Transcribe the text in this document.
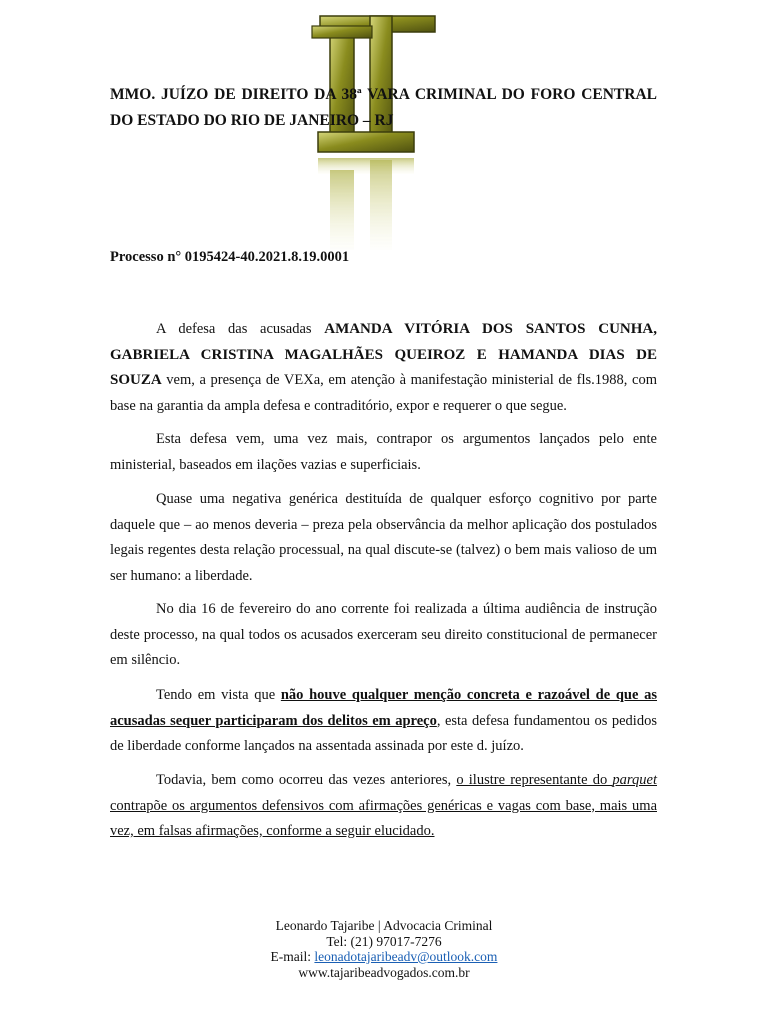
MMO. JUÍZO DE DIREITO DA 38ª VARA CRIMINAL DO FORO CENTRAL
DO ESTADO DO RIO DE JANEIRO – RJ

Processo n° 0195424-40.2021.8.19.0001

A defesa das acusadas AMANDA VITÓRIA DOS SANTOS CUNHA, GABRIELA CRISTINA MAGALHÃES QUEIROZ E HAMANDA DIAS DE SOUZA vem, a presença de VEXa, em atenção à manifestação ministerial de fls.1988, com base na garantia da ampla defesa e contraditório, expor e requerer o que segue.

Esta defesa vem, uma vez mais, contrapor os argumentos lançados pelo ente ministerial, baseados em ilações vazias e superficiais.

Quase uma negativa genérica destituída de qualquer esforço cognitivo por parte daquele que – ao menos deveria – preza pela observância da melhor aplicação dos postulados legais regentes desta relação processual, na qual discute-se (talvez) o bem mais valioso de um ser humano: a liberdade.

No dia 16 de fevereiro do ano corrente foi realizada a última audiência de instrução deste processo, na qual todos os acusados exerceram seu direito constitucional de permanecer em silêncio.

Tendo em vista que não houve qualquer menção concreta e razoável de que as acusadas sequer participaram dos delitos em apreço, esta defesa fundamentou os pedidos de liberdade conforme lançados na assentada assinada por este d. juízo.

Todavia, bem como ocorreu das vezes anteriores, o ilustre representante do parquet contrapõe os argumentos defensivos com afirmações genéricas e vagas com base, mais uma vez, em falsas afirmações, conforme a seguir elucidado.

Leonardo Tajaribe | Advocacia Criminal
Tel: (21) 97017-7276
E-mail: leonadotajaribeadv@outlook.com
www.tajaribeadvogados.com.br
